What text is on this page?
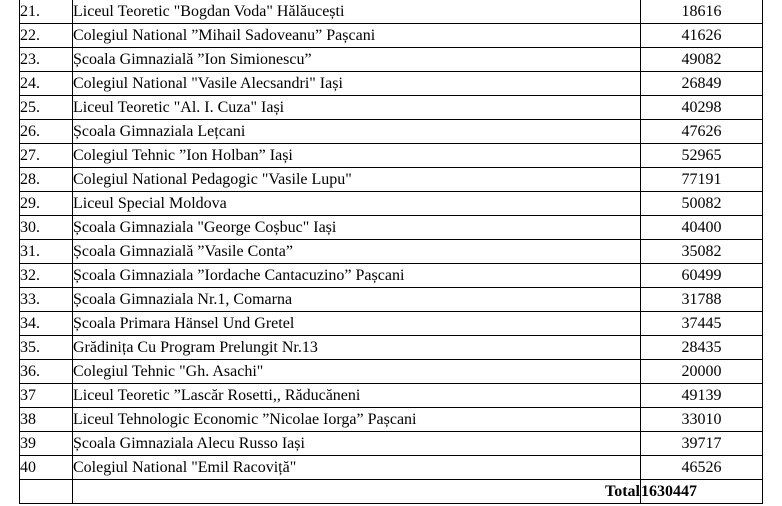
21.	Liceul Teoretic "Bogdan Voda" Hălăucești	18616
22.	Colegiul National ”Mihail Sadoveanu” Pașcani	41626
23.	Școala Gimnazială ”Ion Simionescu”	49082
24.	Colegiul National "Vasile Alecsandri" Iași	26849
25.	Liceul Teoretic "Al. I. Cuza" Iași	40298
26.	Școala Gimnaziala Lețcani	47626
27.	Colegiul Tehnic ”Ion Holban” Iași	52965
28.	Colegiul National Pedagogic "Vasile Lupu"	77191
29.	Liceul Special Moldova	50082
30.	Școala Gimnaziala "George Coșbuc" Iași	40400
31.	Școala Gimnazială ”Vasile Conta”	35082
32.	Școala Gimnaziala ”Iordache Cantacuzino” Pașcani	60499
33.	Școala Gimnaziala Nr.1, Comarna	31788
34.	Școala Primara Hänsel Und Gretel	37445
35.	Grădinița Cu Program Prelungit Nr.13	28435
36.	Colegiul Tehnic "Gh. Asachi"	20000
37	Liceul Teoretic ”Lascăr Rosetti,, Răducăneni	49139
38	Liceul Tehnologic Economic ”Nicolae Iorga” Pașcani	33010
39	Școala Gimnaziala Alecu Russo Iași	39717
40	Colegiul National "Emil Racoviță"	46526
	Total	1630447
